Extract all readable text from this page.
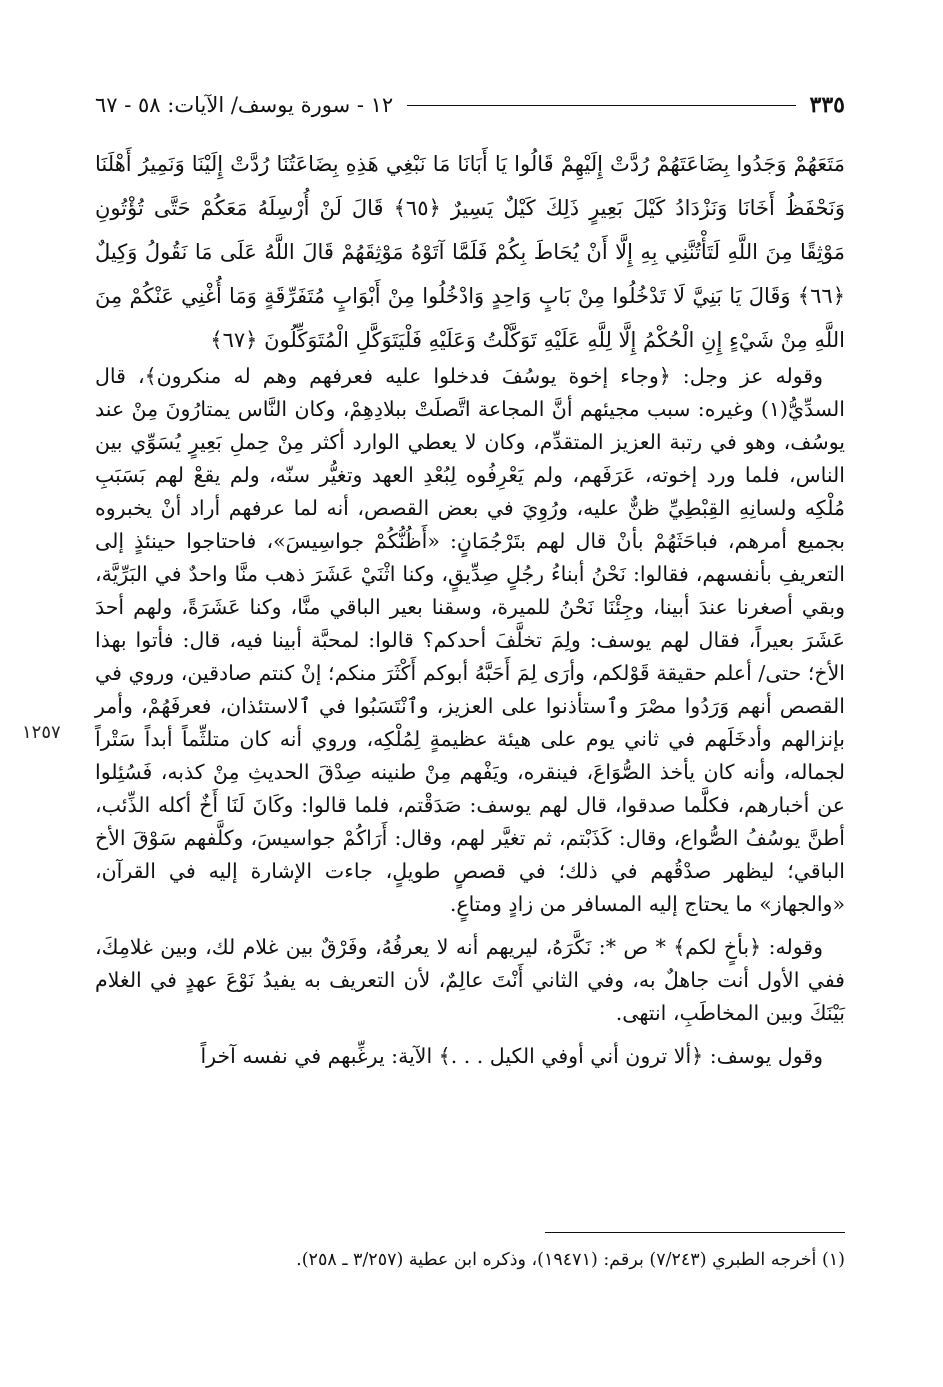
١٢ - سورة يوسف/ الآيات: ٥٨ - ٦٧	٣٣٥
مَتَعَهُمْ وَجَدُوا بِضَاعَتَهُمْ رُدَّتْ إِلَيْهِمْ قَالُوا يَا أَبَانَا مَا نَبْغِي هَذِهِ بِضَاعَتُنَا رُدَّتْ إِلَيْنَا وَنَمِيرُ أَهْلَنَا وَنَحْفَظُ أَخَانَا وَنَزْدَادُ كَيْلَ بَعِيرٍ ذَلِكَ كَيْلٌ يَسِيرٌ ﴿٦٥﴾ قَالَ لَنْ أُرْسِلَهُ مَعَكُمْ حَتَّى تُؤْتُونِ مَوْثِقًا مِنَ اللَّهِ لَتَأْتُنَّنِي بِهِ إِلَّا أَنْ يُحَاطَ بِكُمْ فَلَمَّا آتَوْهُ مَوْثِقَهُمْ قَالَ اللَّهُ عَلَى مَا نَقُولُ وَكِيلٌ ﴿٦٦﴾ وَقَالَ يَا بَنِيَّ لَا تَدْخُلُوا مِنْ بَابٍ وَاحِدٍ وَادْخُلُوا مِنْ أَبْوَابٍ مُتَفَرِّقَةٍ وَمَا أُغْنِي عَنْكُمْ مِنَ اللَّهِ مِنْ شَيْءٍ إِنِ الْحُكْمُ إِلَّا لِلَّهِ عَلَيْهِ تَوَكَّلْتُ وَعَلَيْهِ فَلْيَتَوَكَّلِ الْمُتَوَكِّلُونَ ﴿٦٧﴾

وقوله عز وجل: ﴿وجاء إخوة يوسُفَ فدخلوا عليه فعرفهم وهم له منكرون﴾، قال السدِّيُّ(١) وغيره: سبب مجيئهم أنَّ المجاعة اتَّصلَتْ ببلادِهِمْ، وكان النَّاس يمتارُونَ مِنْ عند يوسُف، وهو في رتبة العزيز المتقدِّم، وكان لا يعطي الوارد أكثر مِنْ حِملِ بَعِيرٍ يُسَوِّي بين الناس، فلما ورد إخوته، عَرَفَهم، ولم يَعْرِفُوه لِبُعْدِ العهد وتغيُّر سنّه، ولم يقعْ لهم بَسَبَبِ مُلْكِه ولسانِهِ القِبْطِيِّ ظنٌّ عليه، ورُوِيَ في بعض القصص، أنه لما عرفهم أراد أنْ يخبروه بجميع أمرهم، فباحَثَهُمْ بأنْ قال لهم بتَرْجُمَانٍ: «أَظُنُّكُمْ جواسِيسَ»، فاحتاجوا حينئذٍ إلى التعريفِ بأنفسهم، فقالوا: نَحْنُ أبناءُ رجُلٍ صِدِّيقٍ، وكنا اثْنَيْ عَشَرَ ذهب منَّا واحدٌ في البَرِّيَّة، وبقي أصغرنا عندَ أبينا، وجِئْنَا نَحْنُ للميرة، وسقنا بعير الباقي منَّا، وكنا عَشَرَةً، ولهم أحدَ عَشَرَ بعيراً، فقال لهم يوسف: ولِمَ تخلَّفَ أحدكم؟ قالوا: لمحبَّة أبينا فيه، قال: فأتوا بهذا الأخ؛ حتى/ أعلم حقيقة قَوْلكم، وأرَى لِمَ أَحَبَّهُ أبوكم أَكْثَرَ منكم؛ إنْ كنتم صادقين، وروي في القصص أنهم وَرَدُوا مصْرَ وٱستأذنوا على العزيز، وٱنْتَسَبُوا في ٱلاستئذان، فعرفَهُمْ، وأمر بإنزالهم وأدخَلَهم في ثاني يوم على هيئة عظيمةٍ لِمُلْكِه، وروي أنه كان متلثِّماً أبداً سَتْراً لجماله، وأنه كان يأخذ الصُّوَاعَ، فينقره، ويَفْهم مِنْ طنينه صِدْقَ الحديثِ مِنْ كذبه، فَسُئِلوا عن أخبارهم، فكلَّما صدقوا، قال لهم يوسف: صَدَقْتم، فلما قالوا: وكَانَ لَنَا أَخٌ أكله الذِّئب، أطنَّ يوسُفُ الصُّواع، وقال: كَذَبْتم، ثم تغيَّر لهم، وقال: أَرَاكُمْ جواسيسَ، وكلَّفهم سَوْقَ الأخ الباقي؛ ليظهر صدْقُهم في ذلك؛ في قصصٍ طويلٍ، جاءت الإشارة إليه في القرآن، «والجهاز» ما يحتاج إليه المسافر من زادٍ ومتاعٍ.

وقوله: ﴿بأخٍ لكم﴾ * ص *: نَكَّرَهُ، ليريهم أنه لا يعرفُهُ، وفَرْقٌ بين غلام لك، وبين غلامِكَ، ففي الأول أنت جاهلٌ به، وفي الثاني أَنْتَ عالِمٌ، لأن التعريف به يفيدُ نَوْعَ عهدٍ في الغلام بَيْنَكَ وبين المخاطَبِ، انتهى.

وقول يوسف: ﴿ألا ترون أني أوفي الكيل . . .﴾ الآية: يرغِّبهم في نفسه آخراً

١٢٥٧
(١) أخرجه الطبري (٧/٢٤٣) برقم: (١٩٤٧١)، وذكره ابن عطية (٣/٢٥٧ ـ ٢٥٨).
